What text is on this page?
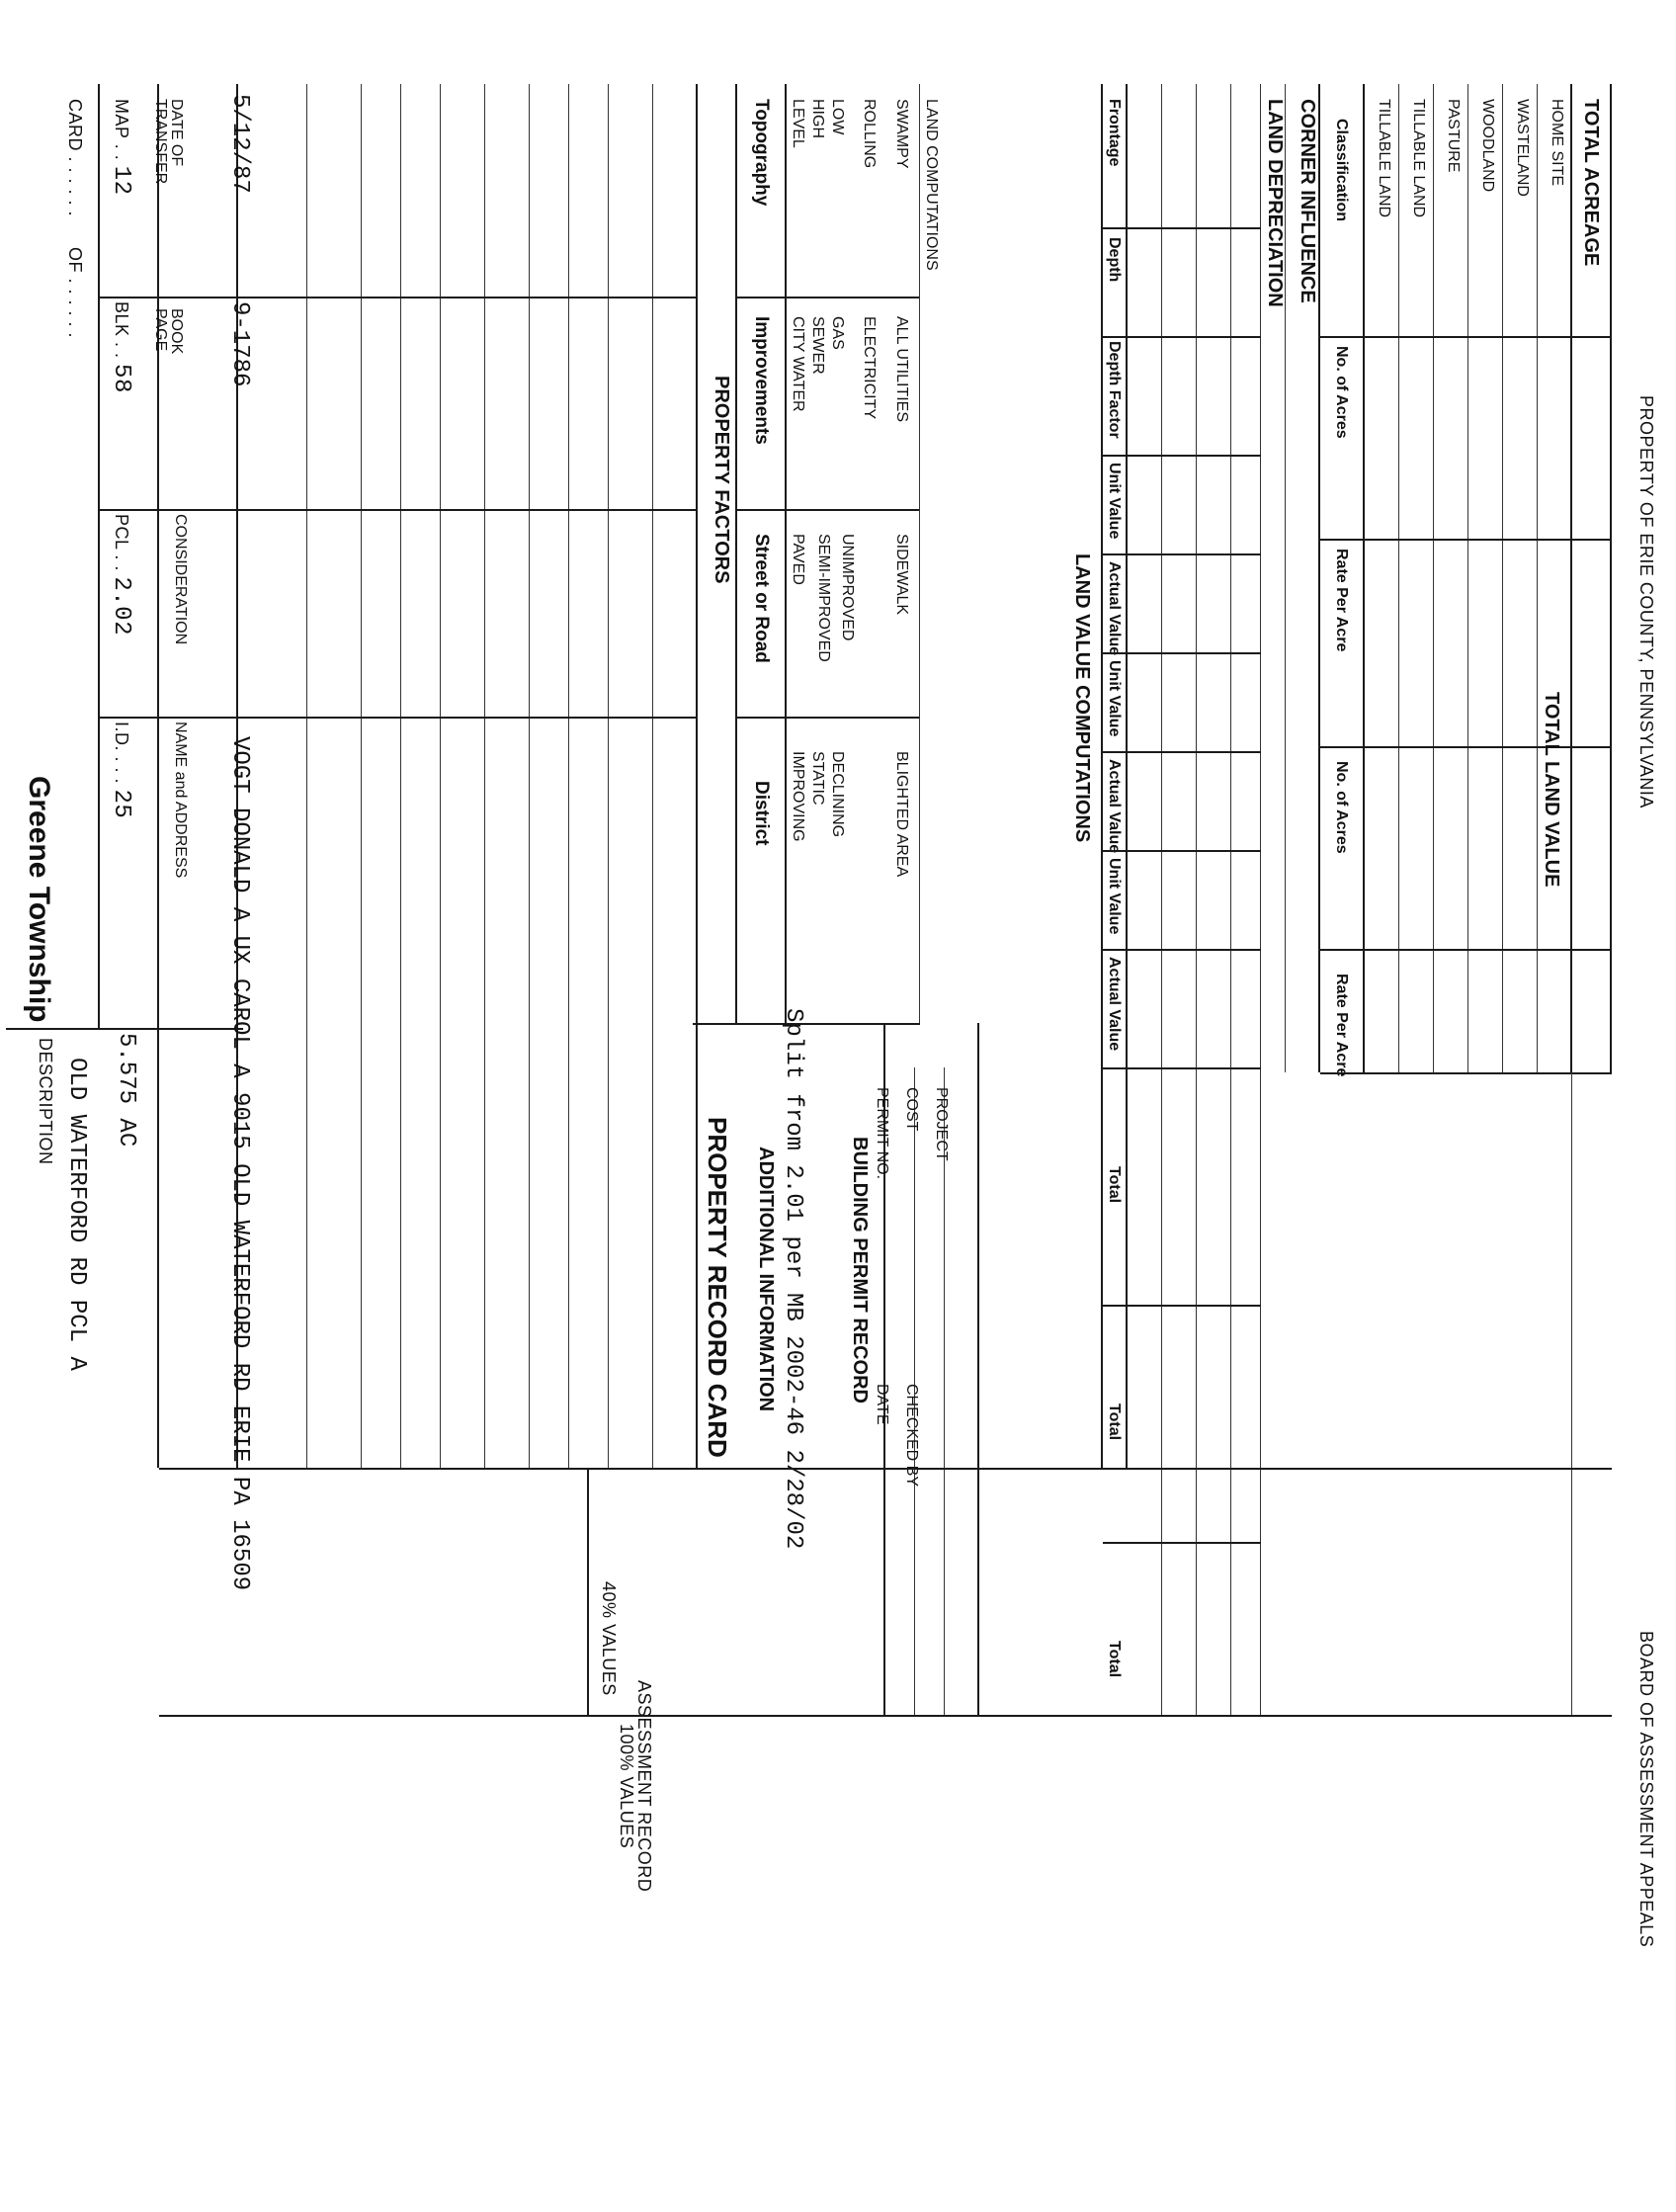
CARD . . . . . .
OF . . . . . .
Greene Township
MAP . . 12
BLK . . 58
PCL . . 2.02
I.D. . . . 25
DESCRIPTION OLD WATERFORD RD PCL A 5.575 AC
DATE OF
TRANSFER
BOOK
PAGE
CONSIDERATION
NAME and ADDRESS
5/12/87
9-1786
VOGT DONALD A UX CAROL A 9015 OLD WATERFORD RD ERIE PA 16509
PROPERTY FACTORS
Topography
Improvements
Street or Road
District
LEVEL HIGH LOW ROLLING SWAMPY
CITY WATER SEWER GAS ELECTRICITY ALL UTILITIES
PAVED SEMI-IMPROVED UNIMPROVED SIDEWALK
IMPROVING STATIC DECLINING	BLIGHTED AREA
LAND COMPUTATIONS
LAND VALUE COMPUTATIONS
Frontage
Depth
Depth Factor
Unit Value
Actual Value
Unit Value
Actual Value
Unit Value
Actual Value
Total
Total
Total
LAND DEPRECIATION CORNER INFLUENCE Classification
No. of Acres
Rate Per Acre
No. of Acres
Rate Per Acre
TILLABLE LAND TILLABLE LAND PASTURE WOODLAND WASTELAND HOME SITE TOTAL ACREAGE
TOTAL LAND VALUE
PROPERTY RECORD CARD ADDITIONAL INFORMATION Split from 2.01 per MB 2002-46 2/28/02 BUILDING PERMIT RECORD
PERMIT NO.
DATE
COST
CHECKED BY
PROJECT
40% VALUES
ASSESSMENT RECORD
100% VALUES
PROPERTY OF ERIE COUNTY, PENNSYLVANIA
BOARD OF ASSESSMENT APPEALS
